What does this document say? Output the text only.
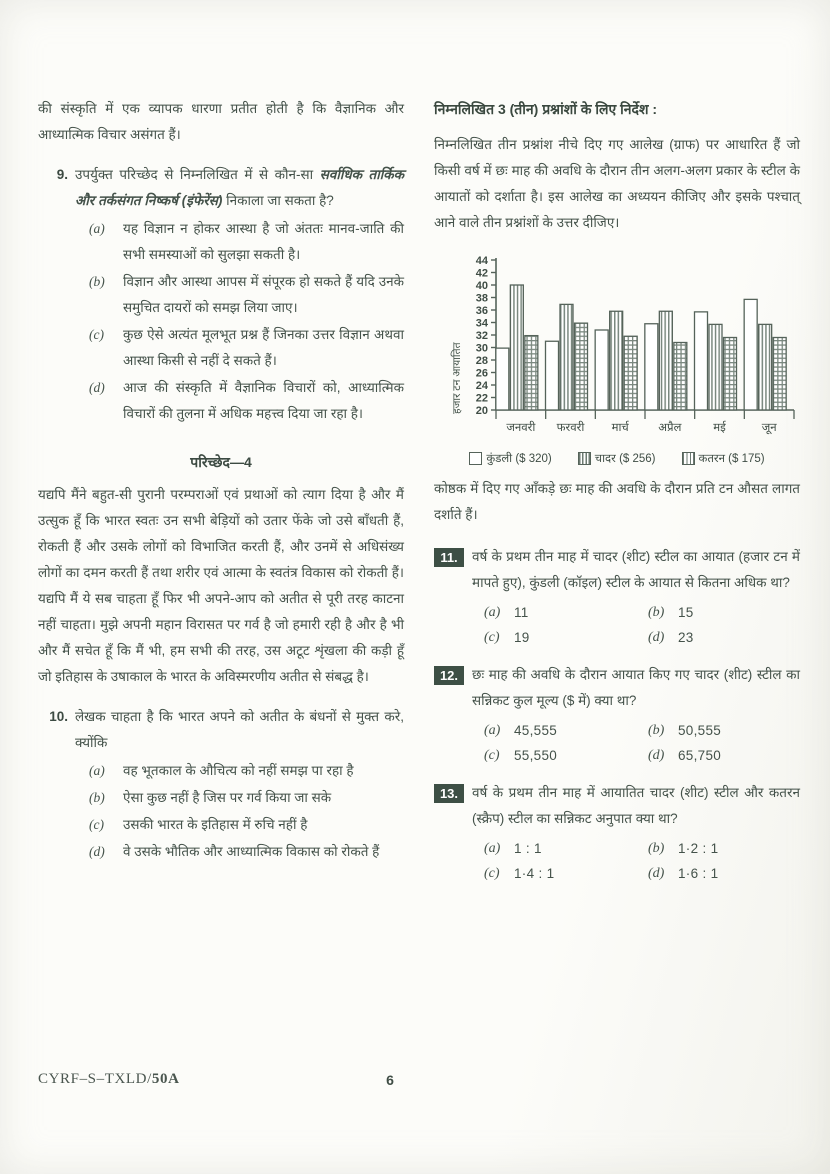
की संस्कृति में एक व्यापक धारणा प्रतीत होती है कि वैज्ञानिक और आध्यात्मिक विचार असंगत हैं।

9. उपर्युक्त परिच्छेद से निम्नलिखित में से कौन-सा सर्वाधिक तार्किक और तर्कसंगत निष्कर्ष (इंफेरेंस) निकाला जा सकता है?
(a)	यह विज्ञान न होकर आस्था है जो अंततः मानव-जाति की सभी समस्याओं को सुलझा सकती है।
(b)	विज्ञान और आस्था आपस में संपूरक हो सकते हैं यदि उनके समुचित दायरों को समझ लिया जाए।
(c)	कुछ ऐसे अत्यंत मूलभूत प्रश्न हैं जिनका उत्तर विज्ञान अथवा आस्था किसी से नहीं दे सकते हैं।
(d)	आज की संस्कृति में वैज्ञानिक विचारों को, आध्यात्मिक विचारों की तुलना में अधिक महत्त्व दिया जा रहा है।
परिच्छेद—4
यद्यपि मैंने बहुत-सी पुरानी परम्पराओं एवं प्रथाओं को त्याग दिया है और मैं उत्सुक हूँ कि भारत स्वतः उन सभी बेड़ियों को उतार फेंके जो उसे बाँधती हैं, रोकती हैं और उसके लोगों को विभाजित करती हैं, और उनमें से अधिसंख्य लोगों का दमन करती हैं तथा शरीर एवं आत्मा के स्वतंत्र विकास को रोकती हैं। यद्यपि मैं ये सब चाहता हूँ फिर भी अपने-आप को अतीत से पूरी तरह काटना नहीं चाहता। मुझे अपनी महान विरासत पर गर्व है जो हमारी रही है और है भी और मैं सचेत हूँ कि मैं भी, हम सभी की तरह, उस अटूट शृंखला की कड़ी हूँ जो इतिहास के उषाकाल के भारत के अविस्मरणीय अतीत से संबद्ध है।
10. लेखक चाहता है कि भारत अपने को अतीत के बंधनों से मुक्त करे, क्योंकि
(a)	वह भूतकाल के औचित्य को नहीं समझ पा रहा है
(b)	ऐसा कुछ नहीं है जिस पर गर्व किया जा सके
(c)	उसकी भारत के इतिहास में रुचि नहीं है
(d)	वे उसके भौतिक और आध्यात्मिक विकास को रोकते हैं
निम्नलिखित 3 (तीन) प्रश्नांशों के लिए निर्देश :
निम्नलिखित तीन प्रश्नांश नीचे दिए गए आलेख (ग्राफ) पर आधारित हैं जो किसी वर्ष में छः माह की अवधि के दौरान तीन अलग-अलग प्रकार के स्टील के आयातों को दर्शाता है। इस आलेख का अध्ययन कीजिए और इसके पश्चात् आने वाले तीन प्रश्नांशों के उत्तर दीजिए।
हजार टन आयातित 20
22
24
26
28
30
32
34
36
38
40
42
44
जनवरी फरवरी मार्च	अप्रैल	मई	जून
कुंडली ($ 320)	चादर ($ 256)	कतरन ($ 175)
कोष्ठक में दिए गए आँकड़े छः माह की अवधि के दौरान प्रति टन औसत लागत दर्शाते हैं।
11.	वर्ष के प्रथम तीन माह में चादर (शीट) स्टील का आयात (हजार टन में मापते हुए), कुंडली (कॉइल) स्टील के आयात से कितना अधिक था?
(a)	11	(b)	15
(c)	19	(d)	23
12.	छः माह की अवधि के दौरान आयात किए गए चादर (शीट) स्टील का सन्निकट कुल मूल्य ($ में) क्या था?
(a)	45,555	(b)	50,555
(c)	55,550	(d)	65,750
13.	वर्ष के प्रथम तीन माह में आयातित चादर (शीट) स्टील और कतरन (स्क्रैप) स्टील का सन्निकट अनुपात क्या था?
(a)	1 : 1	(b)	1·2 : 1
(c)	1·4 : 1	(d)	1·6 : 1
CYRF–S–TXLD/50A	6
